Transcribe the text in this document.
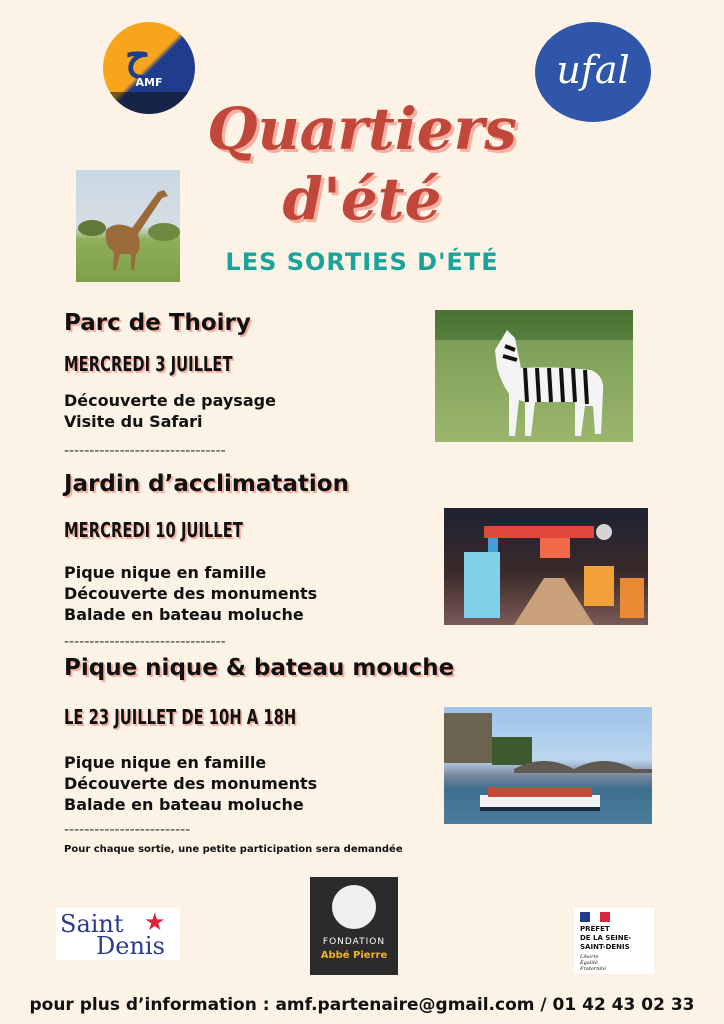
ح
AMF	ufal
Quartiers
d'été
LES SORTIES D'ÉTÉ
Parc de Thoiry
MERCREDI 3 JUILLET
Découverte de paysage
Visite du Safari
--------------------------------
Jardin d’acclimatation
MERCREDI 10 JUILLET
Pique nique en famille
Découverte des monuments
Balade en bateau moluche
--------------------------------
Pique nique & bateau mouche
LE 23 JUILLET DE 10H A 18H
Pique nique en famille
Découverte des monuments
Balade en bateau moluche
-------------------------
Pour chaque sortie, une petite participation sera demandée
Saint ★
Denis	FONDATION
Abbé Pierre
PRÉFET
DE LA SEINE-
SAINT-DENIS
Liberté
Égalité
Fraternité
pour plus d’information : amf.partenaire@gmail.com / 01 42 43 02 33
